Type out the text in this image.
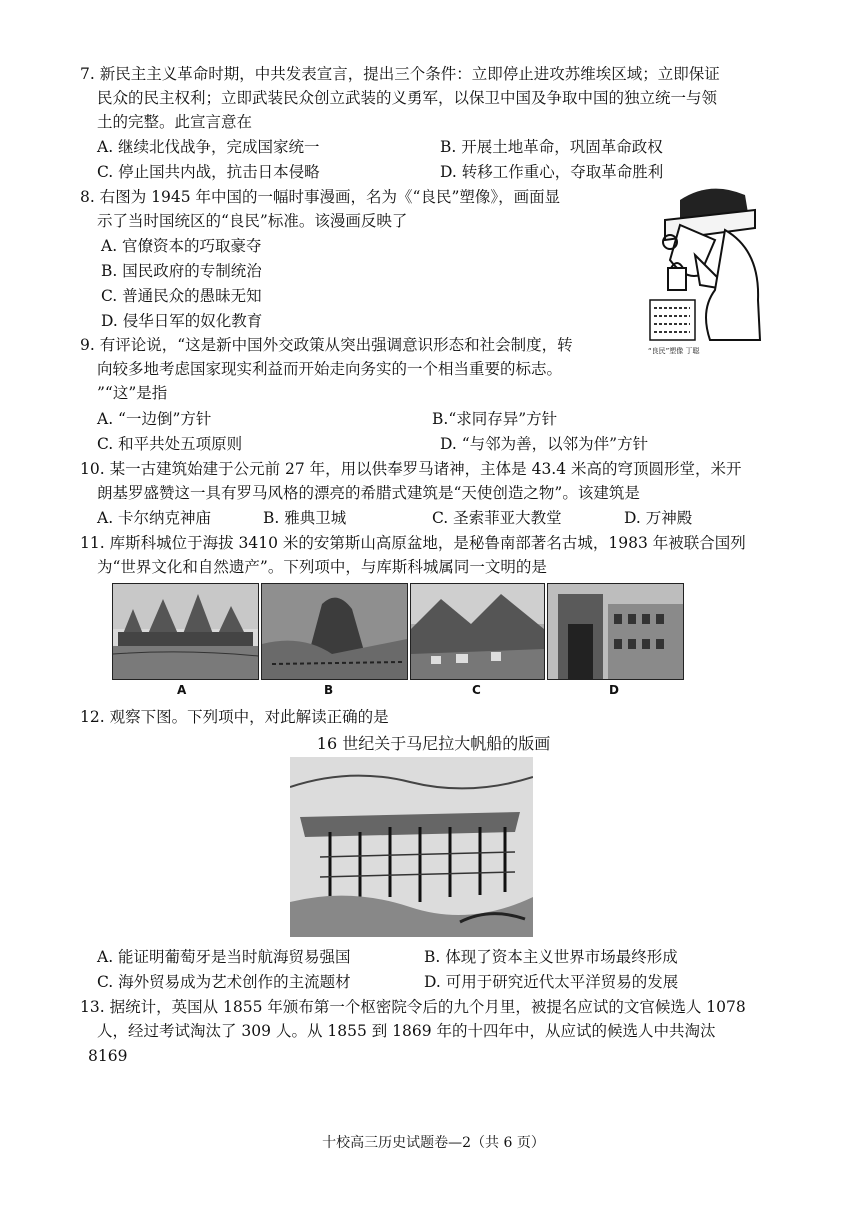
7. 新民主主义革命时期，中共发表宣言，提出三个条件：立即停止进攻苏维埃区域；立即保证
民众的民主权利；立即武装民众创立武装的义勇军，以保卫中国及争取中国的独立统一与领
土的完整。此宣言意在
A. 继续北伐战争，完成国家统一	B. 开展土地革命，巩固革命政权
C. 停止国共内战，抗击日本侵略	D. 转移工作重心，夺取革命胜利
8. 右图为 1945 年中国的一幅时事漫画，名为《“良民”塑像》，画面显
示了当时国统区的“良民”标准。该漫画反映了
A. 官僚资本的巧取豪夺
B. 国民政府的专制统治
C. 普通民众的愚昧无知
D. 侵华日军的奴化教育
“良民”塑像 丁聪
9. 有评论说，“这是新中国外交政策从突出强调意识形态和社会制度，转
向较多地考虑国家现实利益而开始走向务实的一个相当重要的标志。
”“这”是指
A. “一边倒”方针	B.“求同存异”方针
C. 和平共处五项原则	D. “与邻为善，以邻为伴”方针
10. 某一古建筑始建于公元前 27 年，用以供奉罗马诸神，主体是 43.4 米高的穹顶圆形堂，米开
朗基罗盛赞这一具有罗马风格的漂亮的希腊式建筑是“天使创造之物”。该建筑是
A. 卡尔纳克神庙	B. 雅典卫城	C. 圣索菲亚大教堂	D. 万神殿
11. 库斯科城位于海拔 3410 米的安第斯山高原盆地，是秘鲁南部著名古城，1983 年被联合国列
为“世界文化和自然遗产”。下列项中，与库斯科城属同一文明的是
A	B	C	D
12. 观察下图。下列项中，对此解读正确的是
16 世纪关于马尼拉大帆船的版画
A. 能证明葡萄牙是当时航海贸易强国	B. 体现了资本主义世界市场最终形成
C. 海外贸易成为艺术创作的主流题材	D. 可用于研究近代太平洋贸易的发展
13. 据统计，英国从 1855 年颁布第一个枢密院令后的九个月里，被提名应试的文官候选人 1078
人，经过考试淘汰了 309 人。从 1855 到 1869 年的十四年中，从应试的候选人中共淘汰
8169
十校高三历史试题卷—2（共 6 页）
